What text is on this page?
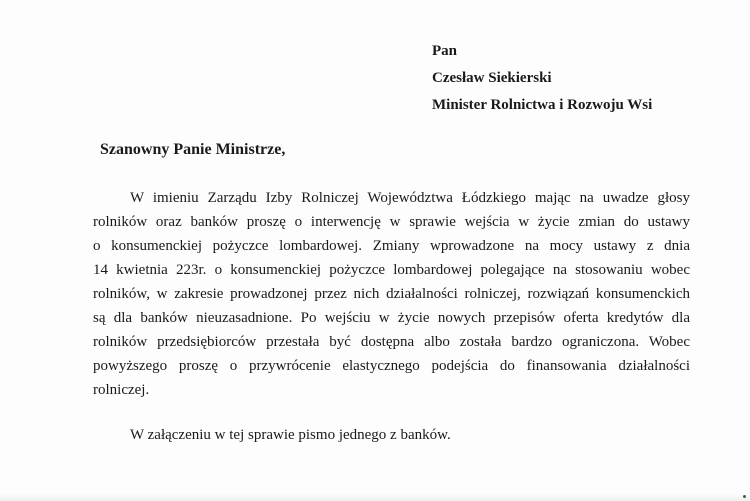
Pan
Czesław Siekierski
Minister Rolnictwa i Rozwoju Wsi
Szanowny Panie Ministrze,
W imieniu Zarządu Izby Rolniczej Województwa Łódzkiego mając na uwadze głosy
rolników oraz banków proszę o interwencję w sprawie wejścia w życie zmian do ustawy
o konsumenckiej pożyczce lombardowej. Zmiany wprowadzone na mocy ustawy z dnia
14 kwietnia 223r. o konsumenckiej pożyczce lombardowej polegające na stosowaniu wobec
rolników, w zakresie prowadzonej przez nich działalności rolniczej, rozwiązań konsumenckich
są dla banków nieuzasadnione. Po wejściu w życie nowych przepisów oferta kredytów dla
rolników przedsiębiorców przestała być dostępna albo została bardzo ograniczona. Wobec
powyższego proszę o przywrócenie elastycznego podejścia do finansowania działalności
rolniczej.
W załączeniu w tej sprawie pismo jednego z banków.
